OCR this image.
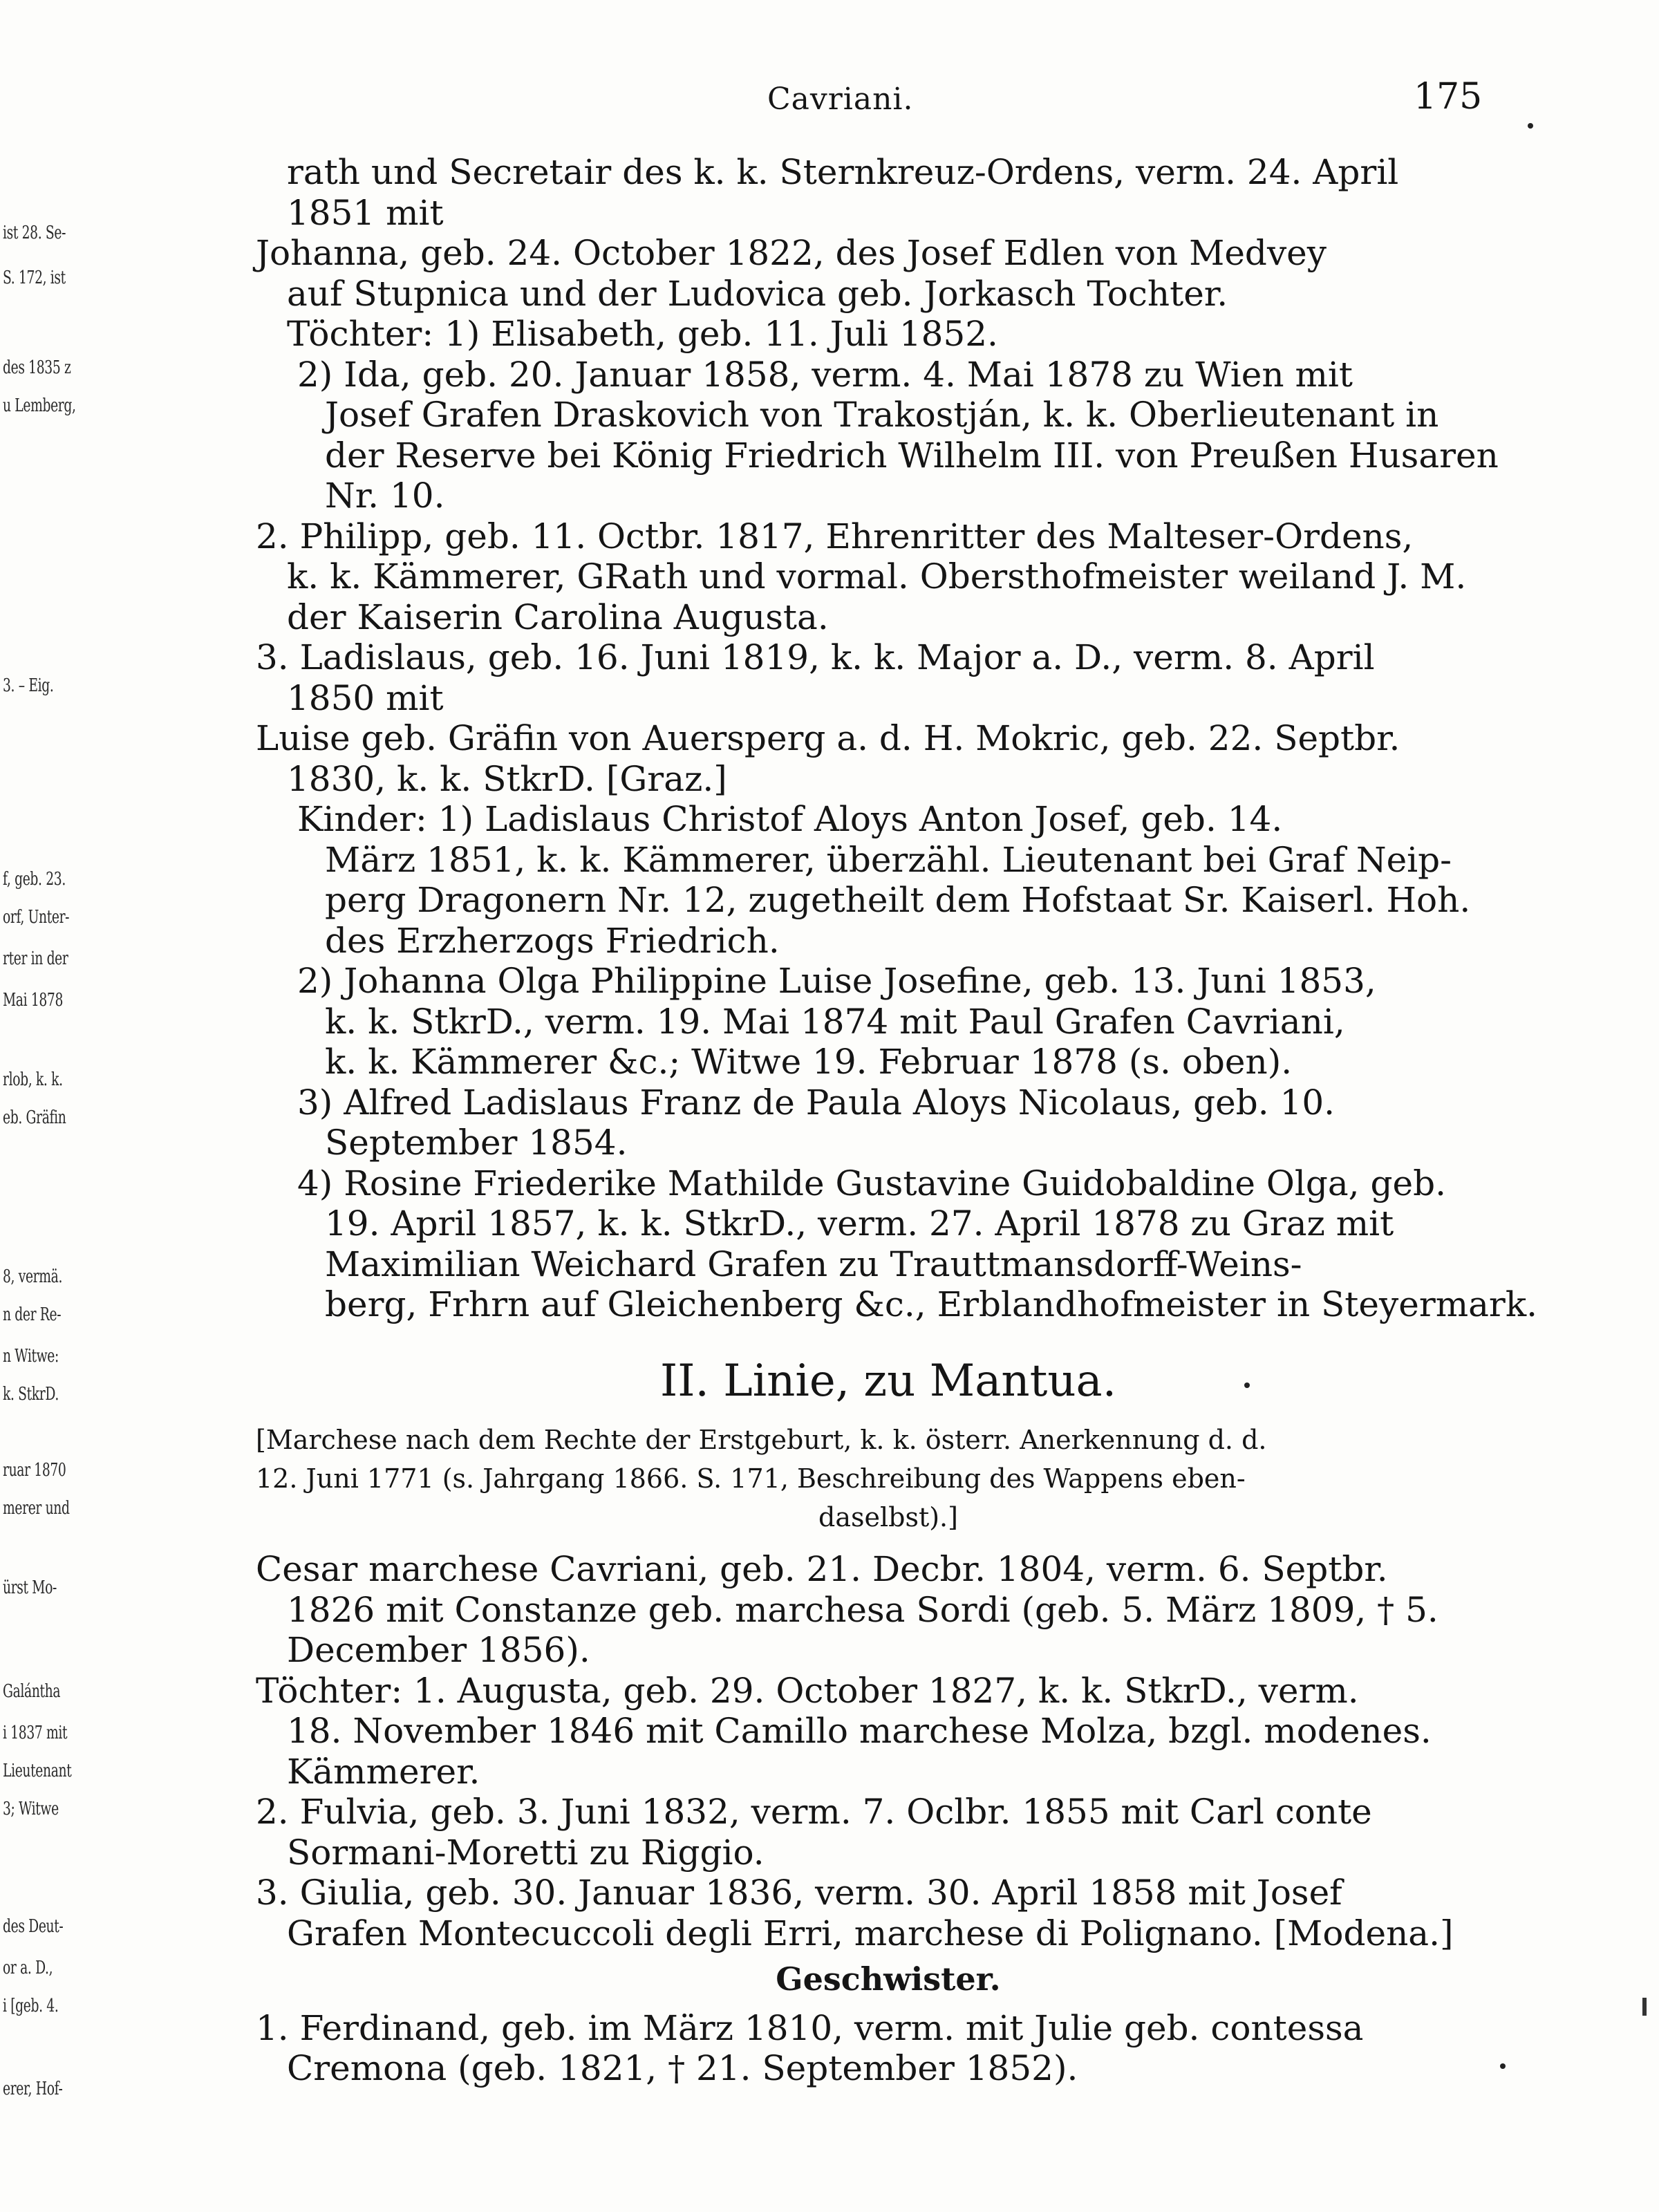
ist 28. Se-
S. 172, ist
des 1835 z
u Lemberg,
3. – Eig.
f, geb. 23.
orf, Unter-
rter in der
Mai 1878
rlob, k. k.
eb. Gräfin
8, vermä.
n der Re-
n Witwe:
k. StkrD.
ruar 1870
merer und
ürst Mo-
Galántha
i 1837 mit
Lieutenant
3; Witwe
des Deut-
or a. D.,
i [geb. 4.
erer, Hof-
Cavriani.	175
rath und Secretair des k. k. Sternkreuz-Ordens, verm. 24. April
1851 mit
Johanna, geb. 24. October 1822, des Josef Edlen von Medvey
auf Stupnica und der Ludovica geb. Jorkasch Tochter.
Töchter: 1) Elisabeth, geb. 11. Juli 1852.
2) Ida, geb. 20. Januar 1858, verm. 4. Mai 1878 zu Wien mit
Josef Grafen Draskovich von Trakostján, k. k. Oberlieutenant in
der Reserve bei König Friedrich Wilhelm III. von Preußen Husaren
Nr. 10.
2. Philipp, geb. 11. Octbr. 1817, Ehrenritter des Malteser-Ordens,
k. k. Kämmerer, GRath und vormal. Obersthofmeister weiland J. M.
der Kaiserin Carolina Augusta.
3. Ladislaus, geb. 16. Juni 1819, k. k. Major a. D., verm. 8. April
1850 mit
Luise geb. Gräfin von Auersperg a. d. H. Mokric, geb. 22. Septbr.
1830, k. k. StkrD. [Graz.]
Kinder: 1) Ladislaus Christof Aloys Anton Josef, geb. 14.
März 1851, k. k. Kämmerer, überzähl. Lieutenant bei Graf Neip-
perg Dragonern Nr. 12, zugetheilt dem Hofstaat Sr. Kaiserl. Hoh.
des Erzherzogs Friedrich.
2) Johanna Olga Philippine Luise Josefine, geb. 13. Juni 1853,
k. k. StkrD., verm. 19. Mai 1874 mit Paul Grafen Cavriani,
k. k. Kämmerer &c.; Witwe 19. Februar 1878 (s. oben).
3) Alfred Ladislaus Franz de Paula Aloys Nicolaus, geb. 10.
September 1854.
4) Rosine Friederike Mathilde Gustavine Guidobaldine Olga, geb.
19. April 1857, k. k. StkrD., verm. 27. April 1878 zu Graz mit
Maximilian Weichard Grafen zu Trauttmansdorff-Weins-
berg, Frhrn auf Gleichenberg &c., Erblandhofmeister in Steyermark.
II. Linie, zu Mantua.
[Marchese nach dem Rechte der Erstgeburt, k. k. österr. Anerkennung d. d.
12. Juni 1771 (s. Jahrgang 1866. S. 171, Beschreibung des Wappens eben-
daselbst).]
Cesar marchese Cavriani, geb. 21. Decbr. 1804, verm. 6. Septbr.
1826 mit Constanze geb. marchesa Sordi (geb. 5. März 1809, † 5.
December 1856).
Töchter: 1. Augusta, geb. 29. October 1827, k. k. StkrD., verm.
18. November 1846 mit Camillo marchese Molza, bzgl. modenes.
Kämmerer.
2. Fulvia, geb. 3. Juni 1832, verm. 7. Oclbr. 1855 mit Carl conte
Sormani-Moretti zu Riggio.
3. Giulia, geb. 30. Januar 1836, verm. 30. April 1858 mit Josef
Grafen Montecuccoli degli Erri, marchese di Polignano. [Modena.]
Geschwister.
1. Ferdinand, geb. im März 1810, verm. mit Julie geb. contessa
Cremona (geb. 1821, † 21. September 1852).
